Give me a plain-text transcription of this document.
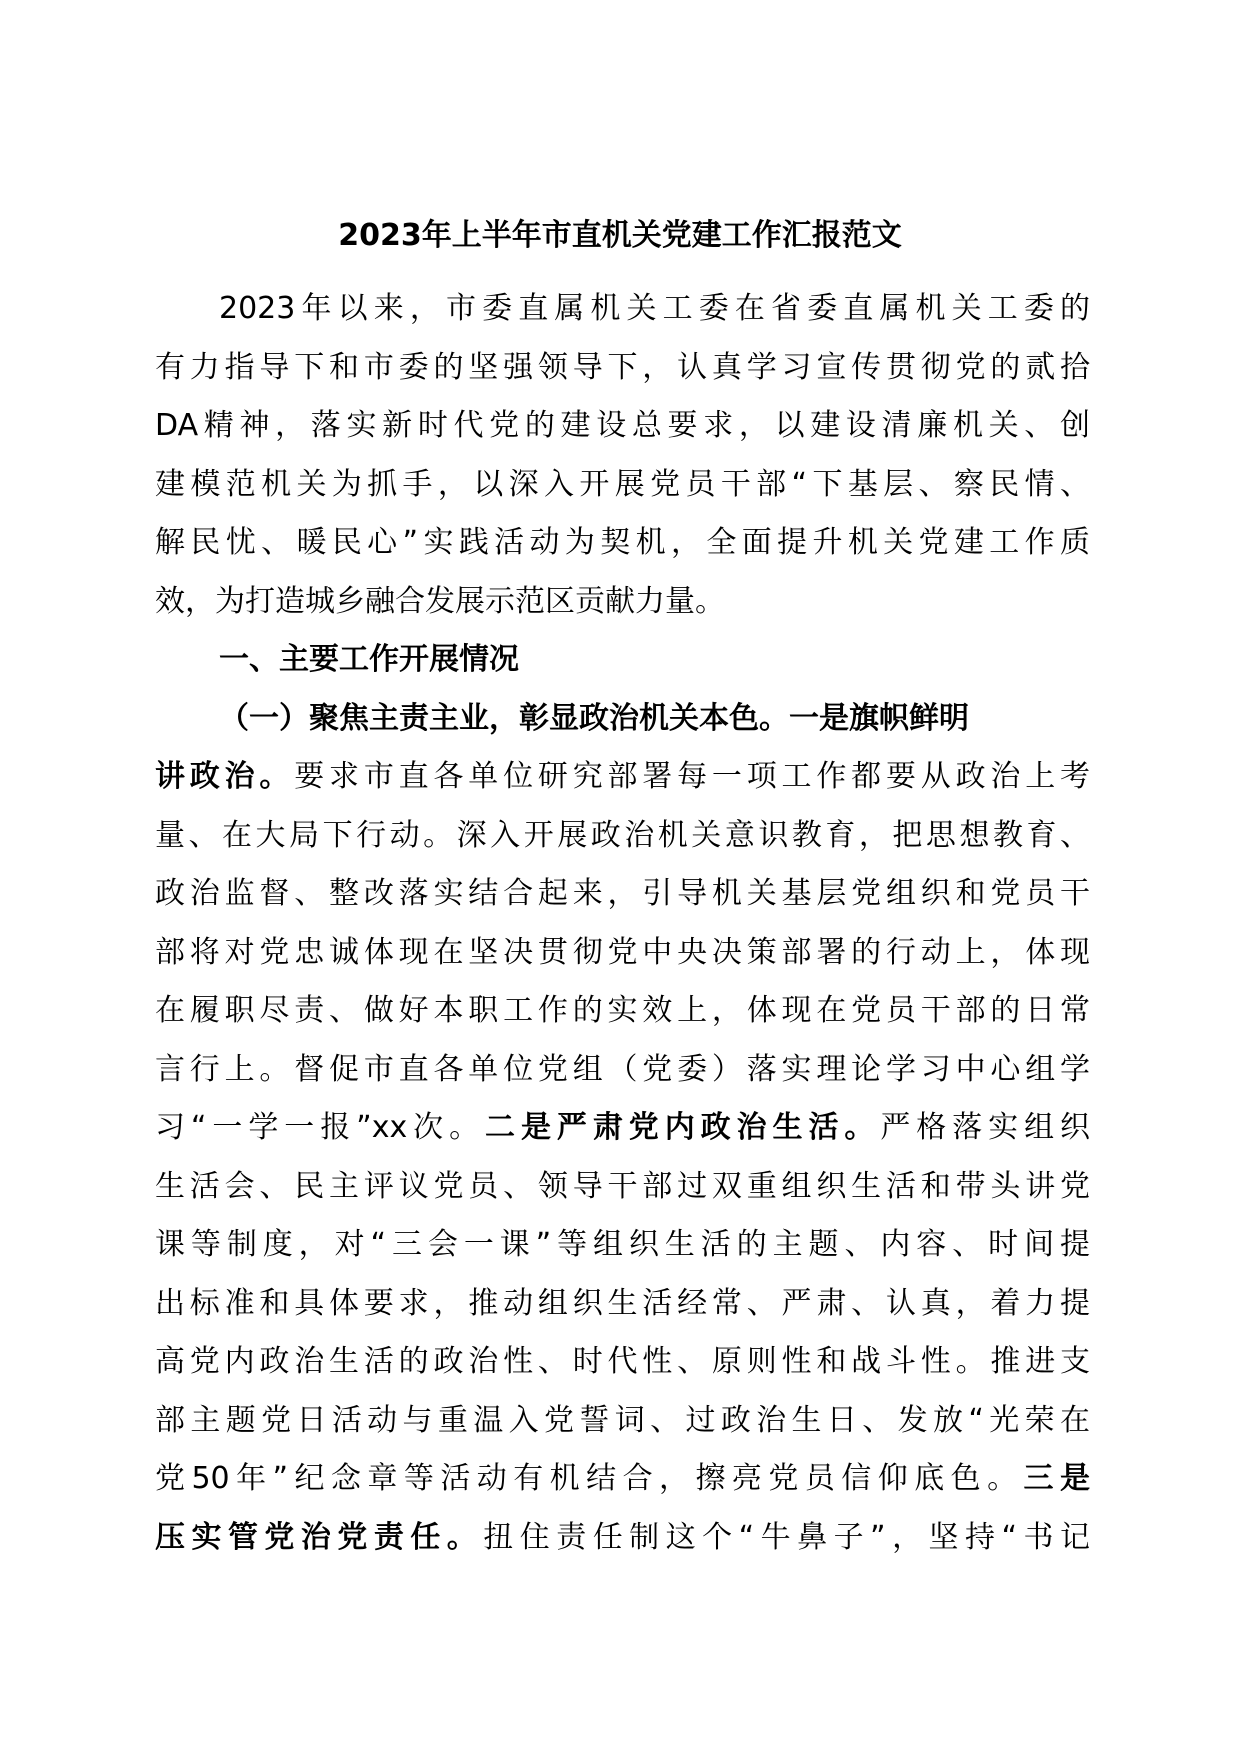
2023年上半年市直机关党建工作汇报范文
2023年以来，市委直属机关工委在省委直属机关工委的
有力指导下和市委的坚强领导下，认真学习宣传贯彻党的贰拾
DA精神，落实新时代党的建设总要求，以建设清廉机关、创
建模范机关为抓手，以深入开展党员干部“下基层、察民情、
解民忧、暖民心”实践活动为契机，全面提升机关党建工作质
效，为打造城乡融合发展示范区贡献力量。
一、主要工作开展情况
（一）聚焦主责主业，彰显政治机关本色。一是旗帜鲜明
讲政治。要求市直各单位研究部署每一项工作都要从政治上考
量、在大局下行动。深入开展政治机关意识教育，把思想教育、
政治监督、整改落实结合起来，引导机关基层党组织和党员干
部将对党忠诚体现在坚决贯彻党中央决策部署的行动上，体现
在履职尽责、做好本职工作的实效上，体现在党员干部的日常
言行上。督促市直各单位党组（党委）落实理论学习中心组学
习“一学一报”xx次。二是严肃党内政治生活。严格落实组织
生活会、民主评议党员、领导干部过双重组织生活和带头讲党
课等制度，对“三会一课”等组织生活的主题、内容、时间提
出标准和具体要求，推动组织生活经常、严肃、认真，着力提
高党内政治生活的政治性、时代性、原则性和战斗性。推进支
部主题党日活动与重温入党誓词、过政治生日、发放“光荣在
党50年”纪念章等活动有机结合，擦亮党员信仰底色。三是
压实管党治党责任。扭住责任制这个“牛鼻子”，坚持“书记
